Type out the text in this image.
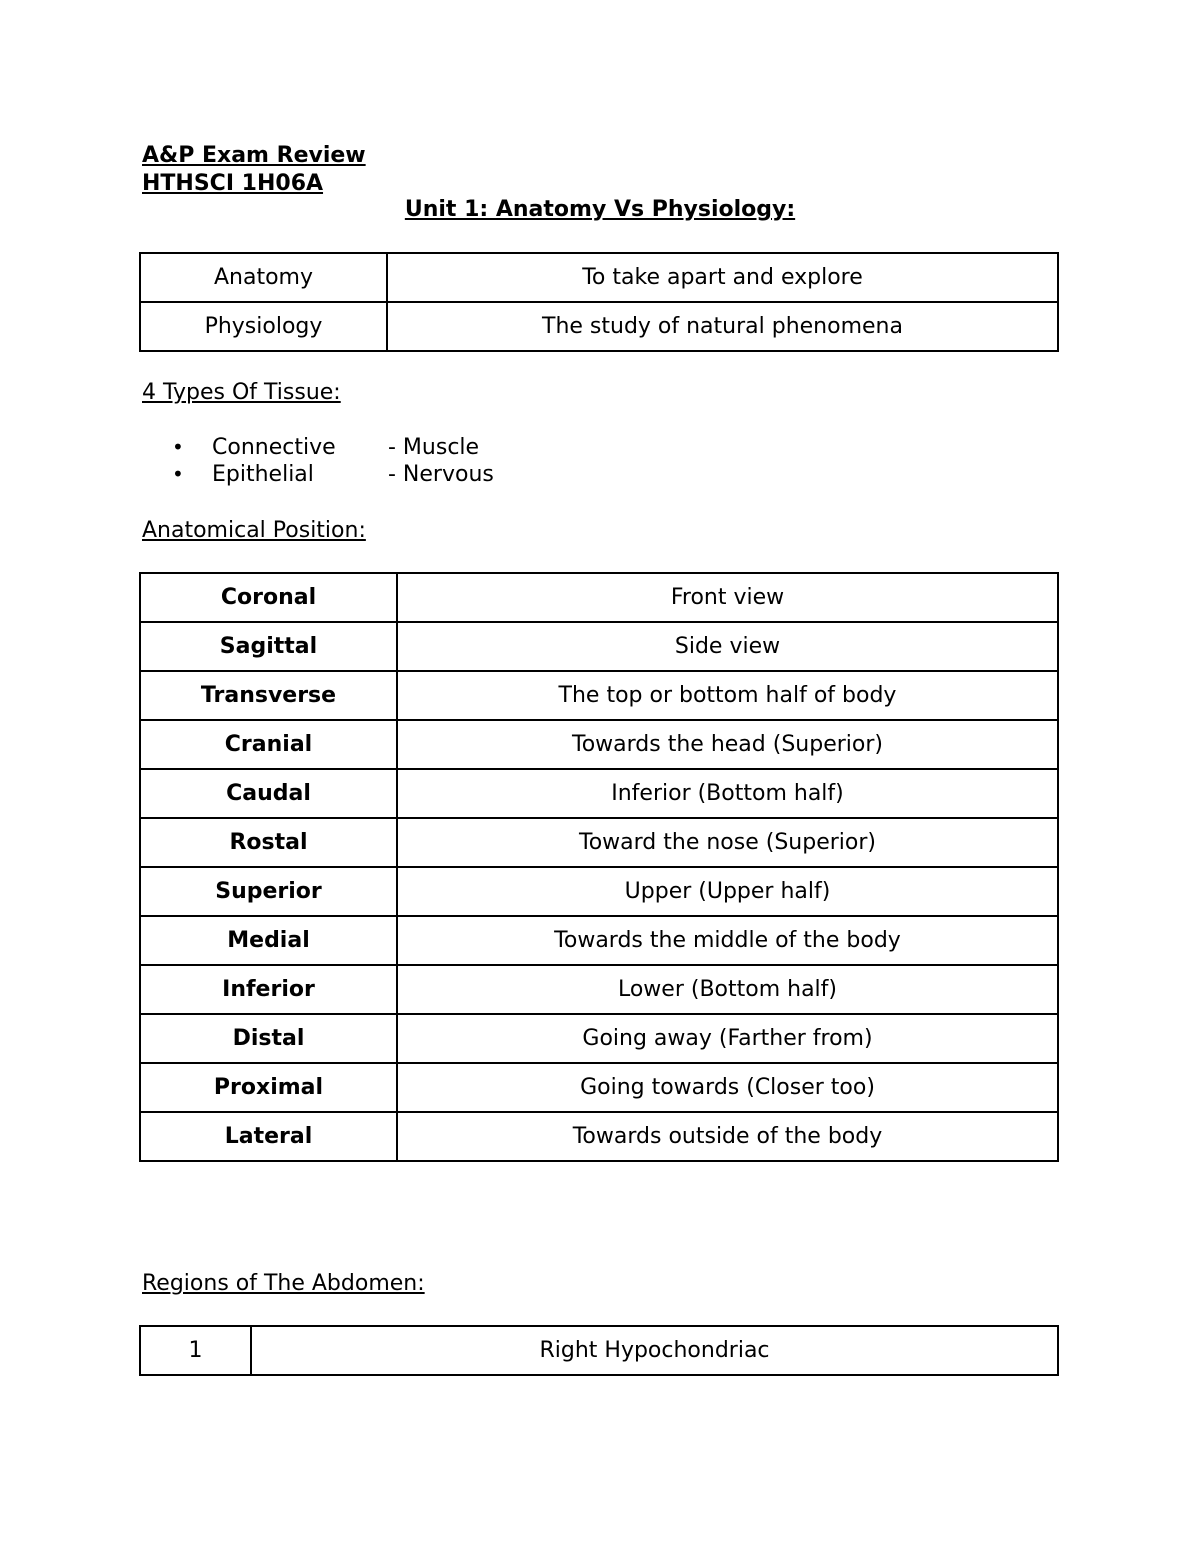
A&P Exam Review
HTHSCI 1H06A
Unit 1: Anatomy Vs Physiology:
Anatomy	To take apart and explore
Physiology	The study of natural phenomena
4 Types Of Tissue:
• Connective - Muscle
• Epithelial	- Nervous
Anatomical Position:
Coronal	Front view
Sagittal	Side view
Transverse	The top or bottom half of body
Cranial	Towards the head (Superior)
Caudal	Inferior (Bottom half)
Rostal	Toward the nose (Superior)
Superior	Upper (Upper half)
Medial	Towards the middle of the body
Inferior	Lower (Bottom half)
Distal	Going away (Farther from)
Proximal	Going towards (Closer too)
Lateral	Towards outside of the body
Regions of The Abdomen:
1	Right Hypochondriac
